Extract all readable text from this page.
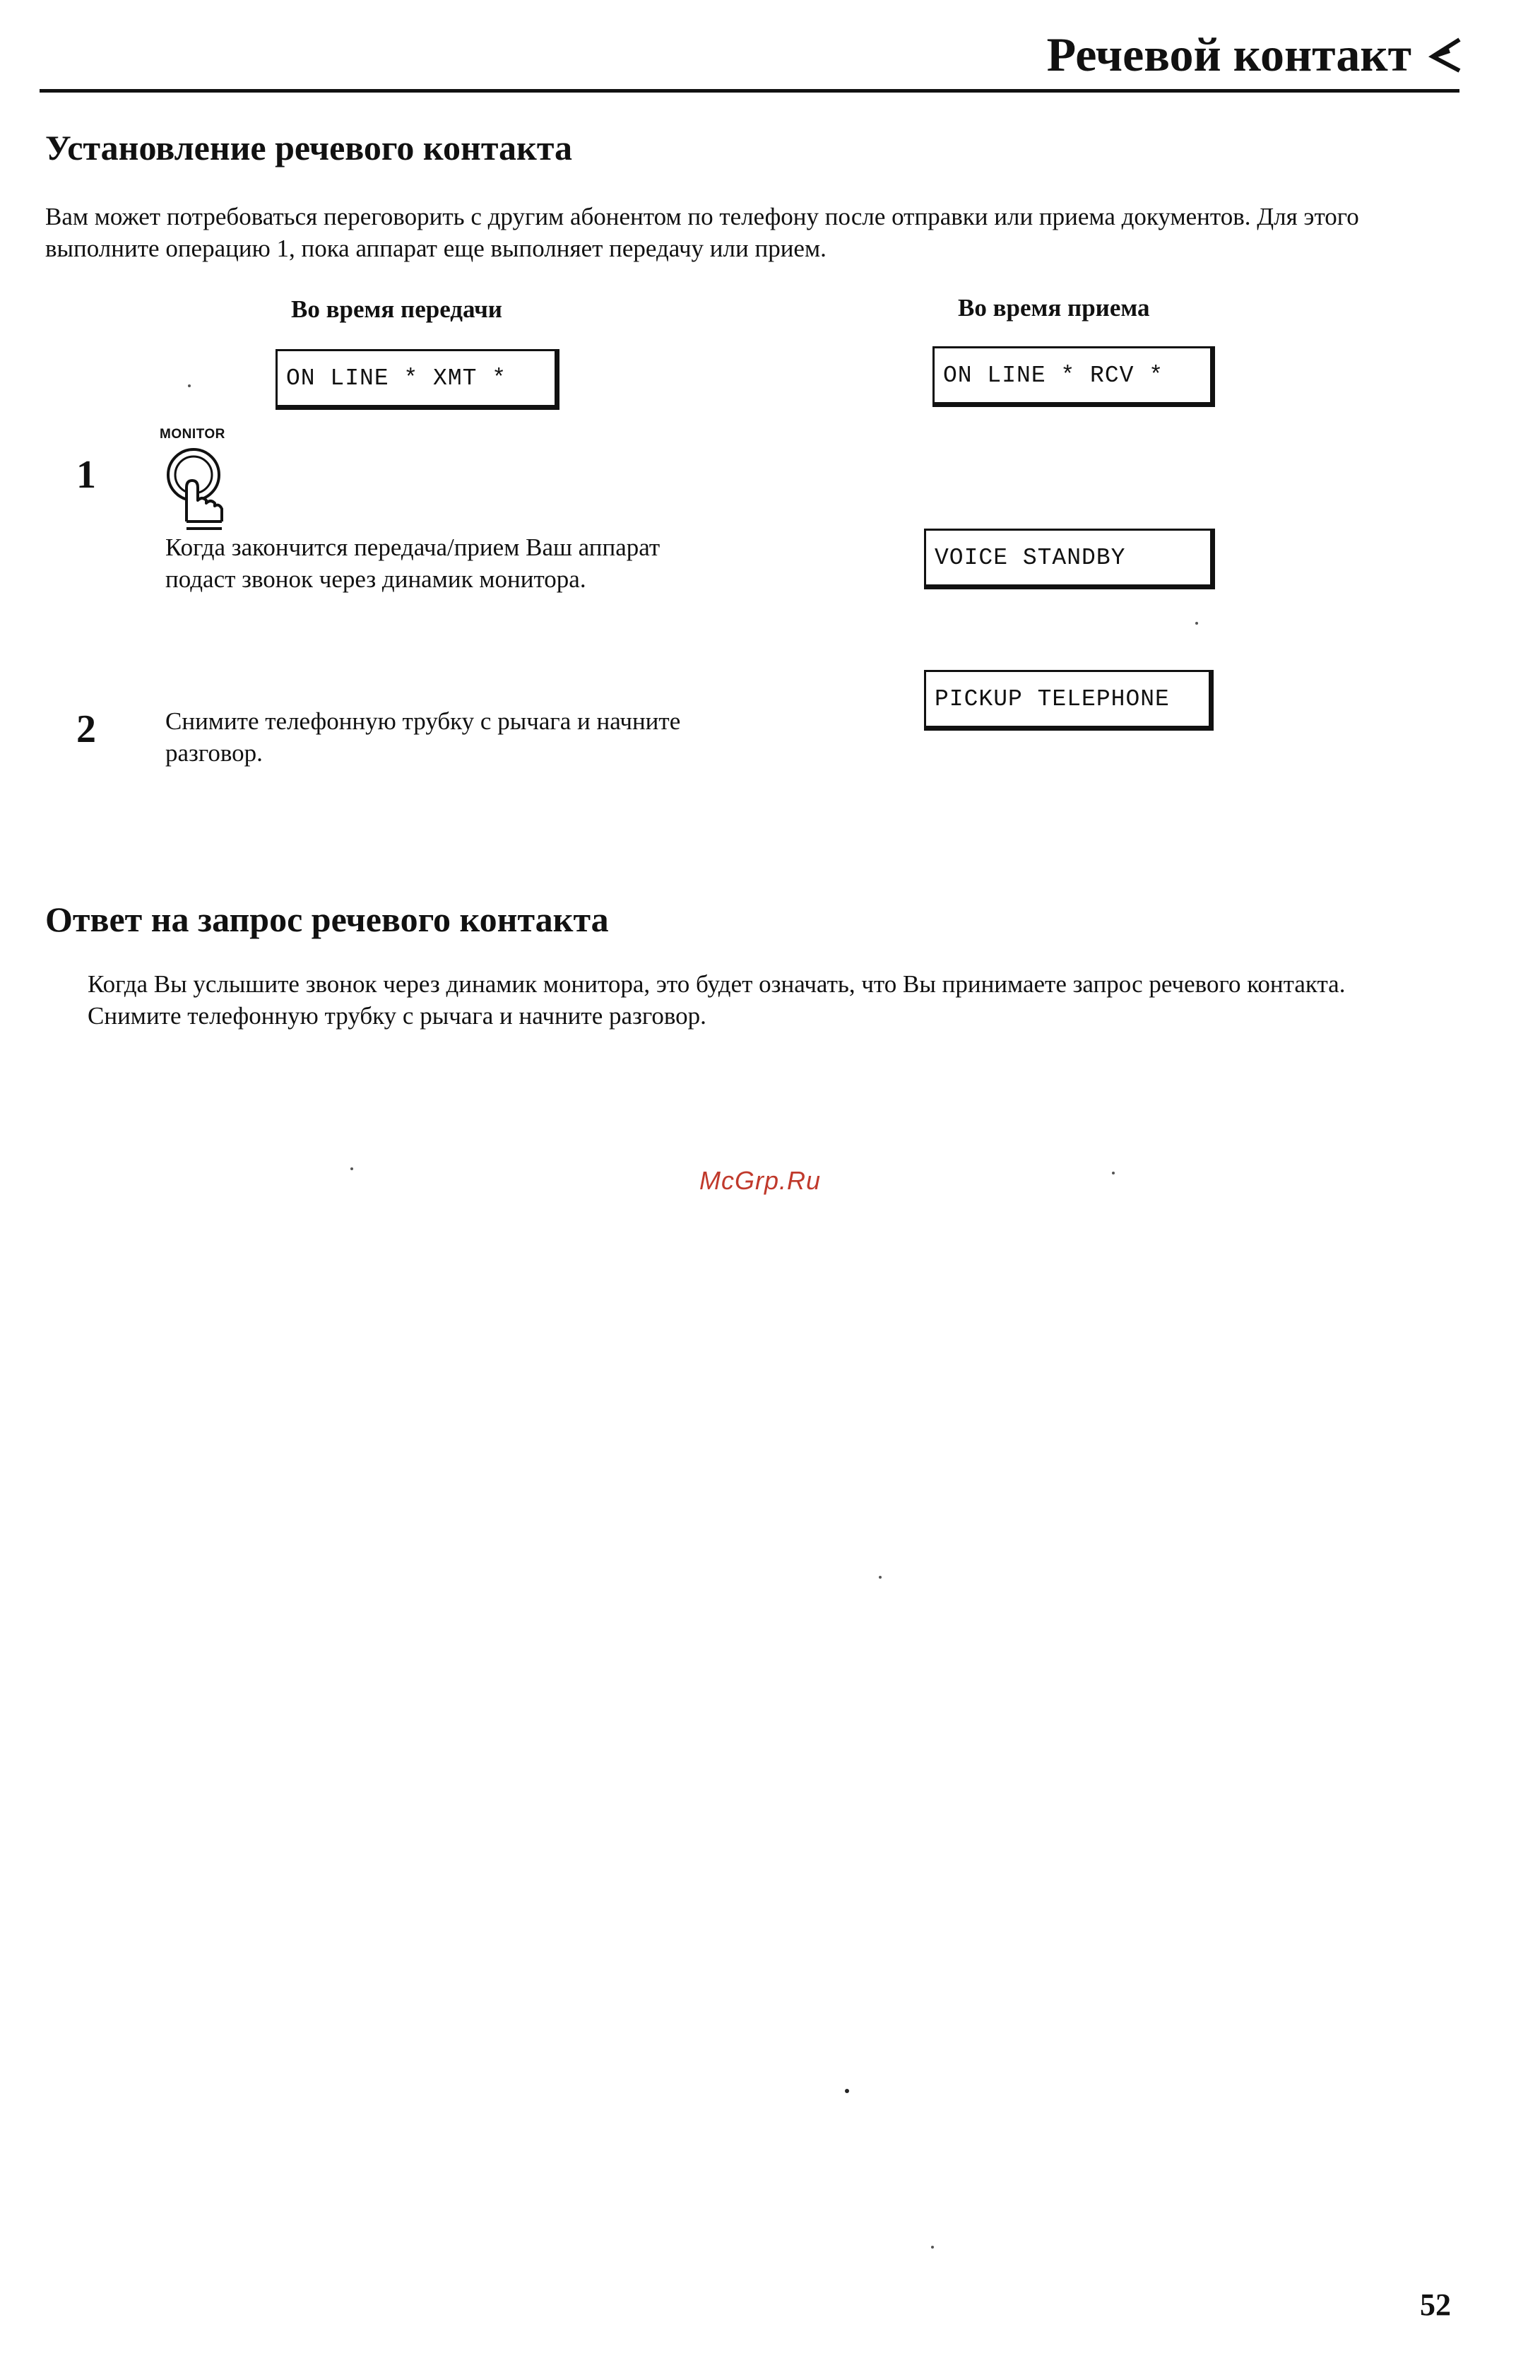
Речевой контакт
Установление речевого контакта
Вам может потребоваться переговорить с другим абонентом по телефону после отправки или приема документов. Для этого выполните операцию 1, пока аппарат еще выполняет передачу или прием.
Во время передачи	Во время приема
ON LINE * XMT *	ON LINE * RCV *
VOICE STANDBY
PICKUP TELEPHONE
1
MONITOR
Когда закончится передача/прием Ваш аппарат подаст звонок через динамик монитора.
2	Снимите телефонную трубку с рычага и начните разговор.
Ответ на запрос речевого контакта
Когда Вы услышите звонок через динамик монитора, это будет означать, что Вы принимаете запрос речевого контакта. Снимите телефонную трубку с рычага и начните разговор.
McGrp.Ru
52
